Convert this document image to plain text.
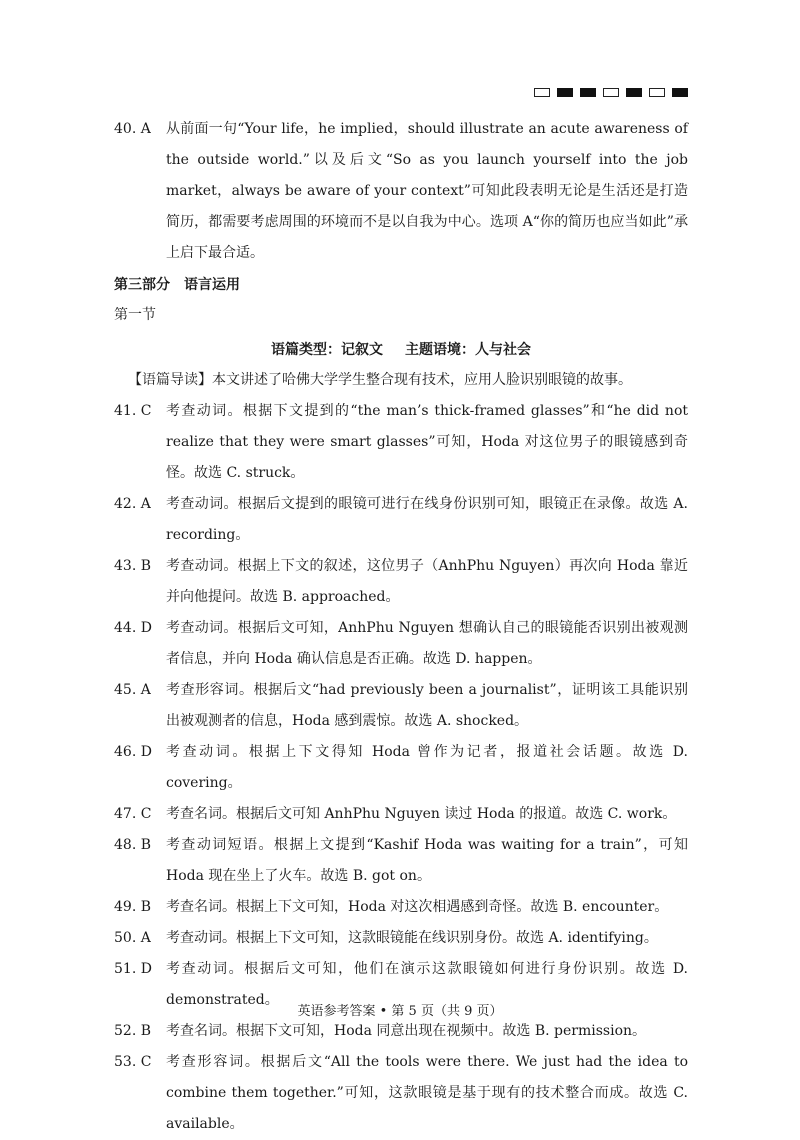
40. A	从前面一句“Your life，he implied，should illustrate an acute awareness of the outside world.”以及后文“So as you launch yourself into the job market，always be aware of your context”可知此段表明无论是生活还是打造简历，都需要考虑周围的环境而不是以自我为中心。选项 A“你的简历也应当如此”承上启下最合适。
第三部分　语言运用
第一节
语篇类型：记叙文 主题语境：人与社会
【语篇导读】本文讲述了哈佛大学学生整合现有技术，应用人脸识别眼镜的故事。
41. C	考查动词。根据下文提到的“the man’s thick-framed glasses”和“he did not realize that they were smart glasses”可知，Hoda 对这位男子的眼镜感到奇怪。故选 C. struck。
42. A	考查动词。根据后文提到的眼镜可进行在线身份识别可知，眼镜正在录像。故选 A. recording。
43. B	考查动词。根据上下文的叙述，这位男子（AnhPhu Nguyen）再次向 Hoda 靠近并向他提问。故选 B. approached。
44. D	考查动词。根据后文可知，AnhPhu Nguyen 想确认自己的眼镜能否识别出被观测者信息，并向 Hoda 确认信息是否正确。故选 D. happen。
45. A	考查形容词。根据后文“had previously been a journalist”，证明该工具能识别出被观测者的信息，Hoda 感到震惊。故选 A. shocked。
46. D	考查动词。根据上下文得知 Hoda 曾作为记者，报道社会话题。故选 D. covering。
47. C	考查名词。根据后文可知 AnhPhu Nguyen 读过 Hoda 的报道。故选 C. work。
48. B	考查动词短语。根据上文提到“Kashif Hoda was waiting for a train”，可知 Hoda 现在坐上了火车。故选 B. got on。
49. B	考查名词。根据上下文可知，Hoda 对这次相遇感到奇怪。故选 B. encounter。
50. A	考查动词。根据上下文可知，这款眼镜能在线识别身份。故选 A. identifying。
51. D	考查动词。根据后文可知，他们在演示这款眼镜如何进行身份识别。故选 D. demonstrated。
52. B	考查名词。根据下文可知，Hoda 同意出现在视频中。故选 B. permission。
53. C	考查形容词。根据后文“All the tools were there. We just had the idea to combine them together.”可知，这款眼镜是基于现有的技术整合而成。故选 C. available。
英语参考答案 • 第 5 页（共 9 页）
